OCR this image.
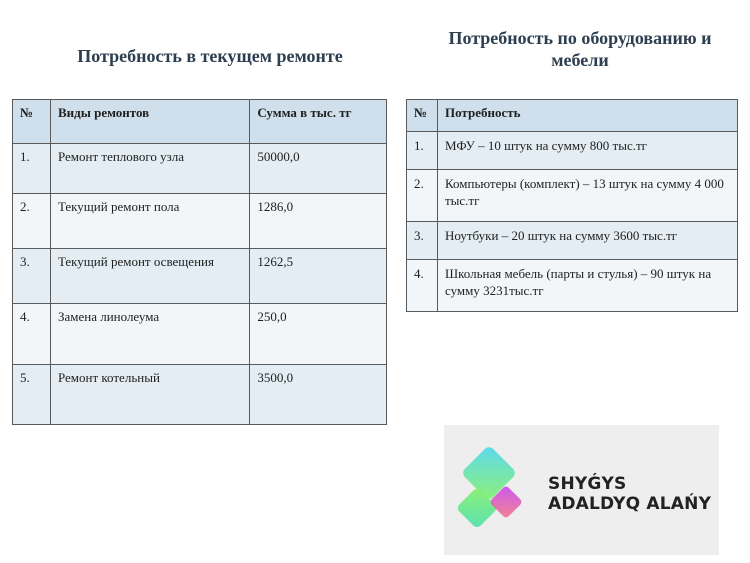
Потребность в текущем ремонте
Потребность по оборудованию и мебели
№	Виды ремонтов	Сумма в тыс. тг
1.	Ремонт теплового узла	50000,0
2.	Текущий ремонт пола	1286,0
3.	Текущий ремонт освещения	1262,5
4.	Замена линолеума	250,0
5.	Ремонт котельный	3500,0
№	Потребность
1.	МФУ – 10 штук на сумму 800 тыс.тг
2.	Компьютеры (комплект) – 13 штук на сумму 4 000 тыс.тг
3.	Ноутбуки – 20 штук на сумму 3600 тыс.тг
4.	Школьная мебель (парты и стулья) – 90 штук на сумму 3231тыс.тг
SHYǴYS
ADALDYQ ALAŃY
